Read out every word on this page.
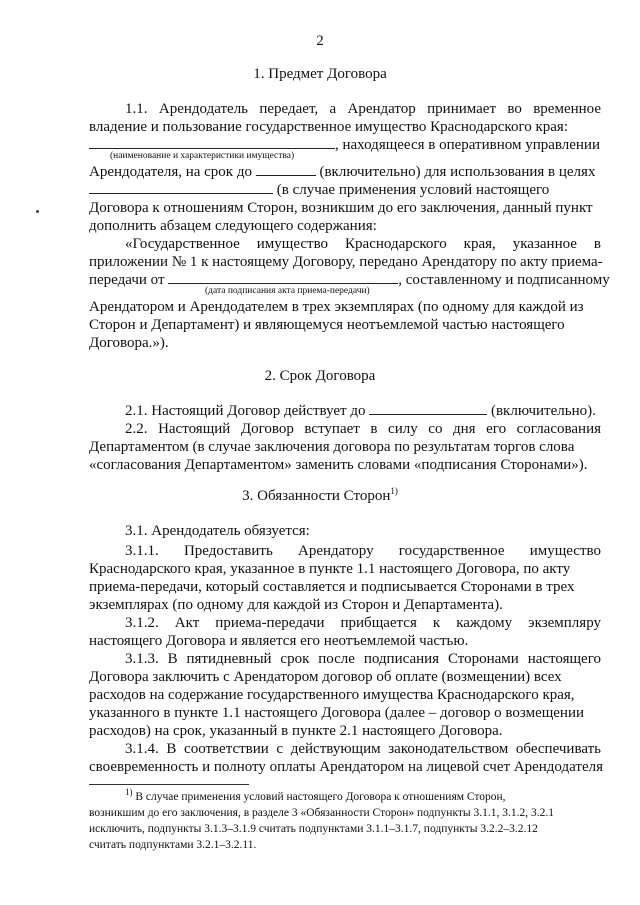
2
1. Предмет Договора
1.1. Арендодатель передает, а Арендатор принимает во временное
владение и пользование государственное имущество Краснодарского края:
, находящееся в оперативном управлении
(наименование и характеристики имущества)
Арендодателя, на срок до	(включительно) для использования в целях
(в случае применения условий настоящего
Договора к отношениям Сторон, возникшим до его заключения, данный пункт
дополнить абзацем следующего содержания:
«Государственное имущество Краснодарского края, указанное в
приложении № 1 к настоящему Договору, передано Арендатору по акту приема-
передачи от	, составленному и подписанному
(дата подписания акта приема-передачи)
Арендатором и Арендодателем в трех экземплярах (по одному для каждой из
Сторон и Департамент) и являющемуся неотъемлемой частью настоящего
Договора.»).
2. Срок Договора
2.1. Настоящий Договор действует до	(включительно).
2.2. Настоящий Договор вступает в силу со дня его согласования
Департаментом (в случае заключения договора по результатам торгов слова
«согласования Департаментом» заменить словами «подписания Сторонами»).
3. Обязанности Сторон$^{1)}$
3.1. Арендодатель обязуется:
3.1.1. Предоставить Арендатору государственное имущество
Краснодарского края, указанное в пункте 1.1 настоящего Договора, по акту
приема-передачи, который составляется и подписывается Сторонами в трех
экземплярах (по одному для каждой из Сторон и Департамента).
3.1.2. Акт приема-передачи прибщается к каждому экземпляру
настоящего Договора и является его неотъемлемой частью.
3.1.3. В пятидневный срок после подписания Сторонами настоящего
Договора заключить с Арендатором договор об оплате (возмещении) всех
расходов на содержание государственного имущества Краснодарского края,
указанного в пункте 1.1 настоящего Договора (далее – договор о возмещении
расходов) на срок, указанный в пункте 2.1 настоящего Договора.
3.1.4. В соответствии с действующим законодательством обеспечивать
своевременность и полноту оплаты Арендатором на лицевой счет Арендодателя
$^{1)}$ В случае применения условий настоящего Договора к отношениям Сторон,
возникшим до его заключения, в разделе 3 «Обязанности Сторон» подпункты 3.1.1, 3.1.2, 3.2.1
исключить, подпункты 3.1.3–3.1.9 считать подпунктами 3.1.1–3.1.7, подпункты 3.2.2–3.2.12
считать подпунктами 3.2.1–3.2.11.
